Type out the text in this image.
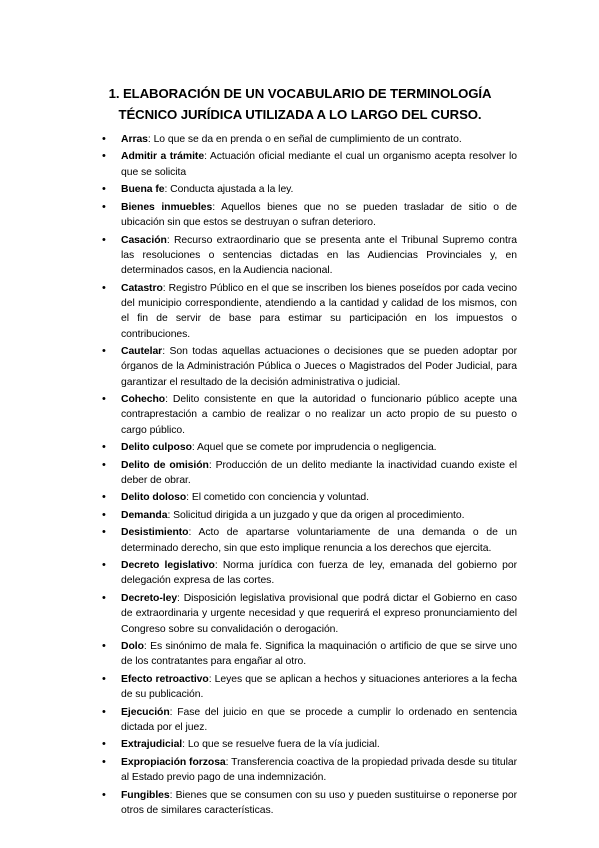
1. ELABORACIÓN DE UN VOCABULARIO DE TERMINOLOGÍA
TÉCNICO JURÍDICA UTILIZADA A LO LARGO DEL CURSO.
• Arras: Lo que se da en prenda o en señal de cumplimiento de un contrato.
• Admitir a trámite: Actuación oficial mediante el cual un organismo acepta resolver lo que se solicita
• Buena fe: Conducta ajustada a la ley.
• Bienes inmuebles: Aquellos bienes que no se pueden trasladar de sitio o de ubicación sin que estos se destruyan o sufran deterioro.
• Casación: Recurso extraordinario que se presenta ante el Tribunal Supremo contra las resoluciones o sentencias dictadas en las Audiencias Provinciales y, en determinados casos, en la Audiencia nacional.
• Catastro: Registro Público en el que se inscriben los bienes poseídos por cada vecino del municipio correspondiente, atendiendo a la cantidad y calidad de los mismos, con el fin de servir de base para estimar su participación en los impuestos o contribuciones.
• Cautelar: Son todas aquellas actuaciones o decisiones que se pueden adoptar por órganos de la Administración Pública o Jueces o Magistrados del Poder Judicial, para garantizar el resultado de la decisión administrativa o judicial.
• Cohecho: Delito consistente en que la autoridad o funcionario público acepte una contraprestación a cambio de realizar o no realizar un acto propio de su puesto o cargo público.
• Delito culposo: Aquel que se comete por imprudencia o negligencia.
• Delito de omisión: Producción de un delito mediante la inactividad cuando existe el deber de obrar.
• Delito doloso: El cometido con conciencia y voluntad.
• Demanda: Solicitud dirigida a un juzgado y que da origen al procedimiento.
• Desistimiento: Acto de apartarse voluntariamente de una demanda o de un determinado derecho, sin que esto implique renuncia a los derechos que ejercita.
• Decreto legislativo: Norma jurídica con fuerza de ley, emanada del gobierno por delegación expresa de las cortes.
• Decreto-ley: Disposición legislativa provisional que podrá dictar el Gobierno en caso de extraordinaria y urgente necesidad y que requerirá el expreso pronunciamiento del Congreso sobre su convalidación o derogación.
• Dolo: Es sinónimo de mala fe. Significa la maquinación o artificio de que se sirve uno de los contratantes para engañar al otro.
• Efecto retroactivo: Leyes que se aplican a hechos y situaciones anteriores a la fecha de su publicación.
• Ejecución: Fase del juicio en que se procede a cumplir lo ordenado en sentencia dictada por el juez.
• Extrajudicial: Lo que se resuelve fuera de la vía judicial.
• Expropiación forzosa: Transferencia coactiva de la propiedad privada desde su titular al Estado previo pago de una indemnización.
• Fungibles: Bienes que se consumen con su uso y pueden sustituirse o reponerse por otros de similares características.
